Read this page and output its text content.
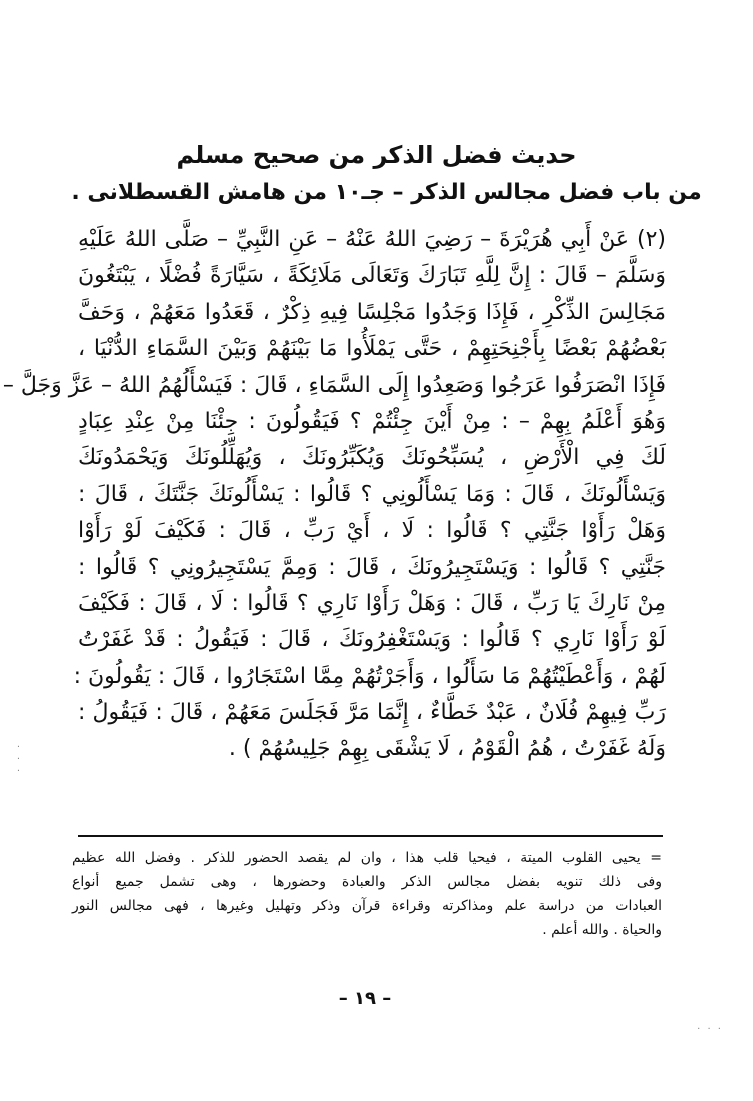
حديث فضل الذكر من صحيح مسلم
من باب فضل مجالس الذكر – جـ١٠ من هامش القسطلانى .
(٢) عَنْ أَبِي هُرَيْرَةَ – رَضِيَ اللهُ عَنْهُ – عَنِ النَّبِيِّ – صَلَّى اللهُ عَلَيْهِ
وَسَلَّمَ – قَالَ : إِنَّ لِلَّهِ تَبَارَكَ وَتَعَالَى مَلَائِكَةً ، سَيَّارَةً فُضْلًا ، يَبْتَغُونَ
مَجَالِسَ الذِّكْرِ ، فَإِذَا وَجَدُوا مَجْلِسًا فِيهِ ذِكْرٌ ، قَعَدُوا مَعَهُمْ ، وَحَفَّ
بَعْضُهُمْ بَعْضًا بِأَجْنِحَتِهِمْ ، حَتَّى يَمْلَأُوا مَا بَيْنَهُمْ وَبَيْنَ السَّمَاءِ الدُّنْيَا ،
فَإِذَا انْصَرَفُوا عَرَجُوا وَصَعِدُوا إِلَى السَّمَاءِ ، قَالَ : فَيَسْأَلُهُمُ اللهُ – عَزَّ وَجَلَّ –
وَهُوَ أَعْلَمُ بِهِمْ – : مِنْ أَيْنَ جِئْتُمْ ؟ فَيَقُولُونَ : جِئْنَا مِنْ عِنْدِ عِبَادٍ
لَكَ فِي الْأَرْضِ ، يُسَبِّحُونَكَ وَيُكَبِّرُونَكَ ، وَيُهَلِّلُونَكَ وَيَحْمَدُونَكَ
وَيَسْأَلُونَكَ ، قَالَ : وَمَا يَسْأَلُونِي ؟ قَالُوا : يَسْأَلُونَكَ جَنَّتَكَ ، قَالَ :
وَهَلْ رَأَوْا جَنَّتِي ؟ قَالُوا : لَا ، أَيْ رَبِّ ، قَالَ : فَكَيْفَ لَوْ رَأَوْا
جَنَّتِي ؟ قَالُوا : وَيَسْتَجِيرُونَكَ ، قَالَ : وَمِمَّ يَسْتَجِيرُونِي ؟ قَالُوا :
مِنْ نَارِكَ يَا رَبِّ ، قَالَ : وَهَلْ رَأَوْا نَارِي ؟ قَالُوا : لَا ، قَالَ : فَكَيْفَ
لَوْ رَأَوْا نَارِي ؟ قَالُوا : وَيَسْتَغْفِرُونَكَ ، قَالَ : فَيَقُولُ : قَدْ غَفَرْتُ
لَهُمْ ، وَأَعْطَيْتُهُمْ مَا سَأَلُوا ، وَأَجَرْتُهُمْ مِمَّا اسْتَجَارُوا ، قَالَ : يَقُولُونَ :
رَبِّ فِيهِمْ فُلَانٌ ، عَبْدٌ خَطَّاءٌ ، إِنَّمَا مَرَّ فَجَلَسَ مَعَهُمْ ، قَالَ : فَيَقُولُ :
وَلَهُ غَفَرْتُ ، هُمُ الْقَوْمُ ، لَا يَشْقَى بِهِمْ جَلِيسُهُمْ ) .
= يحيى القلوب الميتة ، فيحيا قلب هذا ، وان لم يقصد الحضور للذكر . وفضل الله عظيم
وفى ذلك تنويه بفضل مجالس الذكر والعبادة وحضورها ، وهى تشمل جميع أنواع
العبادات من دراسة علم ومذاكرته وقراءة قرآن وذكر وتهليل وغيرها ، فهى مجالس النور
والحياة . والله أعلم .
– ١٩ –
·
·
·
· · ·
